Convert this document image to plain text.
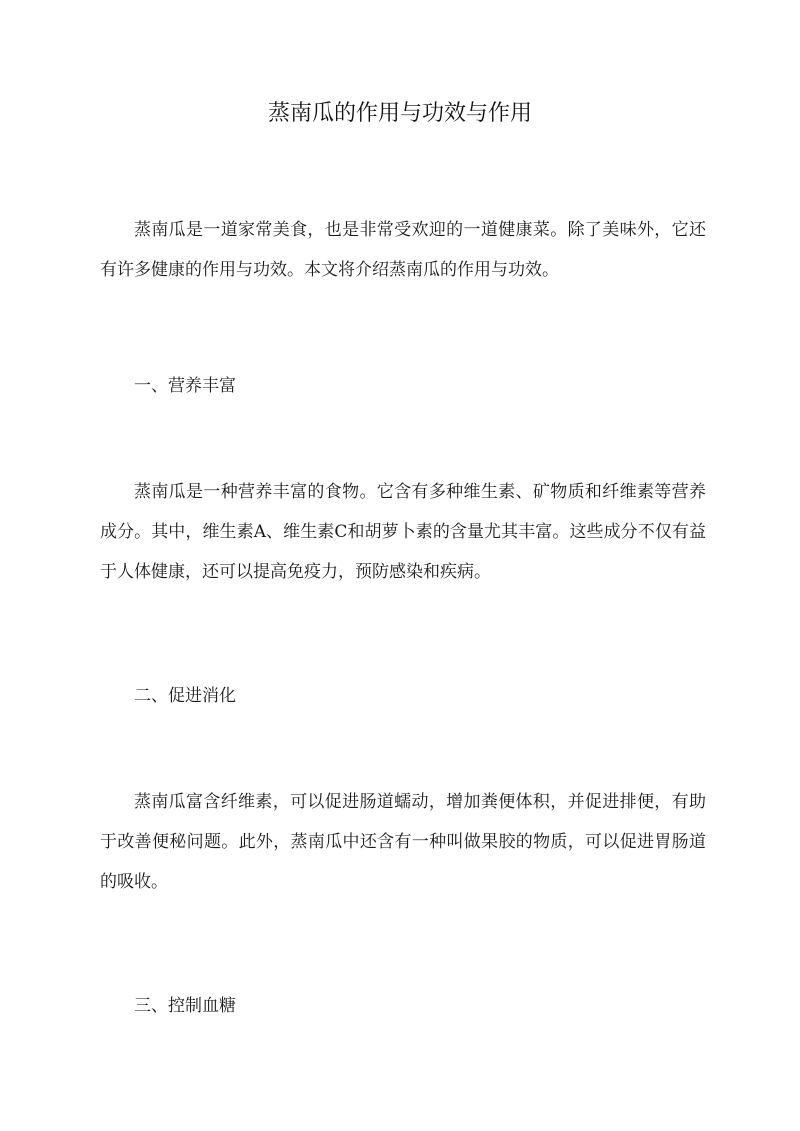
蒸南瓜的作用与功效与作用

蒸南瓜是一道家常美食，也是非常受欢迎的一道健康菜。除了美味外，它还有许多健康的作用与功效。本文将介绍蒸南瓜的作用与功效。

一、营养丰富

蒸南瓜是一种营养丰富的食物。它含有多种维生素、矿物质和纤维素等营养成分。其中，维生素A、维生素C和胡萝卜素的含量尤其丰富。这些成分不仅有益于人体健康，还可以提高免疫力，预防感染和疾病。

二、促进消化

蒸南瓜富含纤维素，可以促进肠道蠕动，增加粪便体积，并促进排便，有助于改善便秘问题。此外，蒸南瓜中还含有一种叫做果胶的物质，可以促进胃肠道的吸收。

三、控制血糖
